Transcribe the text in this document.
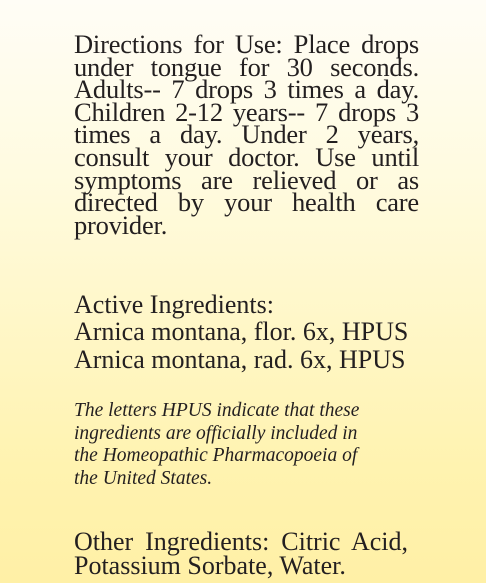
Directions for Use: Place drops under tongue for 30 seconds. Adults-- 7 drops 3 times a day. Children 2-12 years-- 7 drops 3 times a day. Under 2 years, consult your doctor. Use until symptoms are relieved or as directed by your health care provider.
Active Ingredients:
Arnica montana, flor. 6x, HPUS
Arnica montana, rad. 6x, HPUS
The letters HPUS indicate that these ingredients are officially included in the Homeopathic Pharmacopoeia of the United States.
Other Ingredients: Citric Acid, Potassium Sorbate, Water.
